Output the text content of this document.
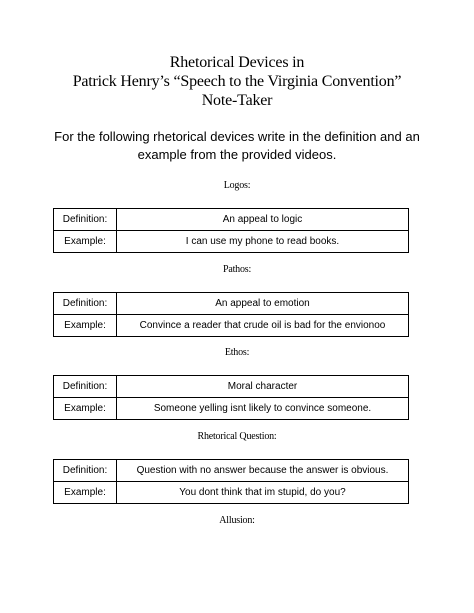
Rhetorical Devices in
Patrick Henry’s “Speech to the Virginia Convention”
Note-Taker
For the following rhetorical devices write in the definition and an example from the provided videos.
Logos:
Definition:	An appeal to logic
Example:	I can use my phone to read books.
Pathos:
Definition:	An appeal to emotion
Example:	Convince a reader that crude oil is bad for the envionoo
Ethos:
Definition:	Moral character
Example:	Someone yelling isnt likely to convince someone.
Rhetorical Question:
Definition:	Question with no answer because the answer is obvious.
Example:	You dont think that im stupid, do you?
Allusion:
